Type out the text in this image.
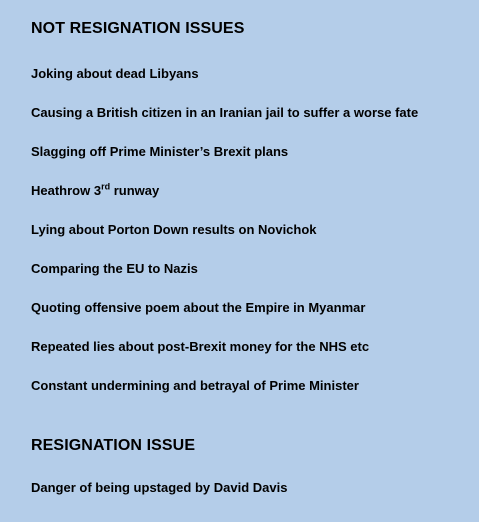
NOT RESIGNATION ISSUES
Joking about dead Libyans
Causing a British citizen in an Iranian jail to suffer a worse fate
Slagging off Prime Minister’s Brexit plans
Heathrow 3rd runway
Lying about Porton Down results on Novichok
Comparing the EU to Nazis
Quoting offensive poem about the Empire in Myanmar
Repeated lies about post-Brexit money for the NHS etc
Constant undermining and betrayal of Prime Minister
RESIGNATION ISSUE
Danger of being upstaged by David Davis
